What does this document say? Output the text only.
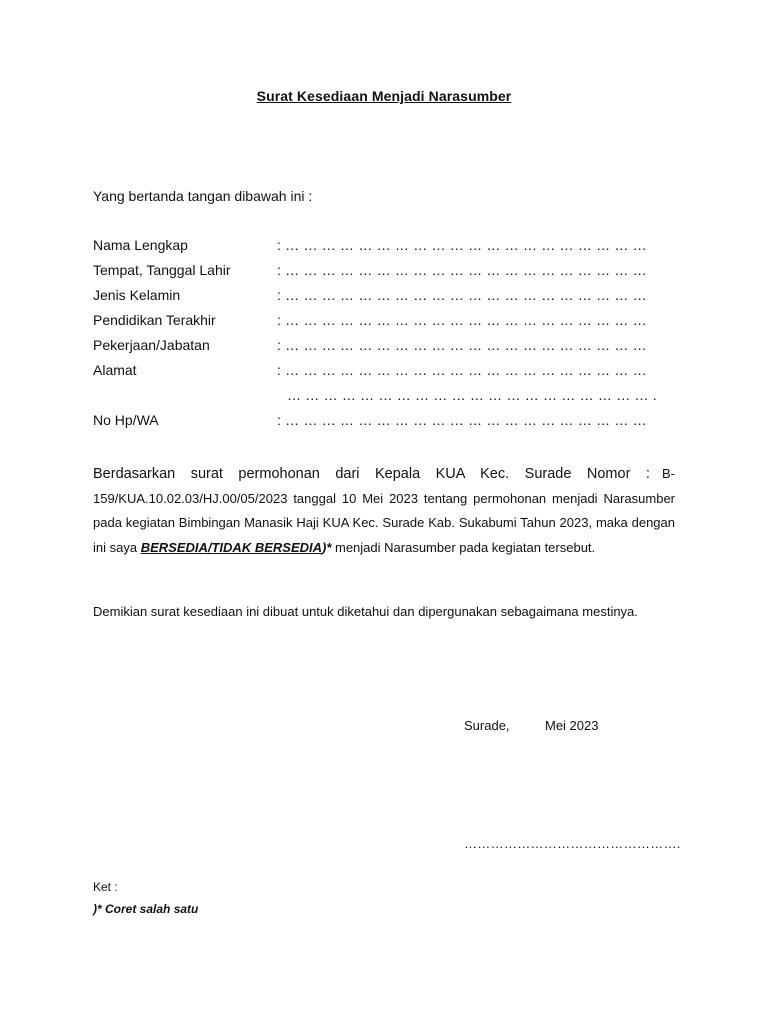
Surat Kesediaan Menjadi Narasumber
Yang bertanda tangan dibawah ini :
Nama Lengkap	: … … … … … … … … … … … … … … … … … … … …
Tempat, Tanggal Lahir	: … … … … … … … … … … … … … … … … … … … …
Jenis Kelamin	: … … … … … … … … … … … … … … … … … … … …
Pendidikan Terakhir	: … … … … … … … … … … … … … … … … … … … …
Pekerjaan/Jabatan	: … … … … … … … … … … … … … … … … … … … …
Alamat	: … … … … … … … … … … … … … … … … … … … …
… … … … … … … … … … … … … … … … … … … … .
No Hp/WA	: … … … … … … … … … … … … … … … … … … … …
Berdasarkan surat permohonan dari Kepala KUA Kec. Surade Nomor : B-159/KUA.10.02.03/HJ.00/05/2023 tanggal 10 Mei 2023 tentang permohonan menjadi Narasumber pada kegiatan Bimbingan Manasik Haji KUA Kec. Surade Kab. Sukabumi Tahun 2023, maka dengan ini saya BERSEDIA/TIDAK BERSEDIA)* menjadi Narasumber pada kegiatan tersebut.
Demikian surat kesediaan ini dibuat untuk diketahui dan dipergunakan sebagaimana mestinya.
Surade,	Mei 2023
………………………………………….
Ket :
)* Coret salah satu
